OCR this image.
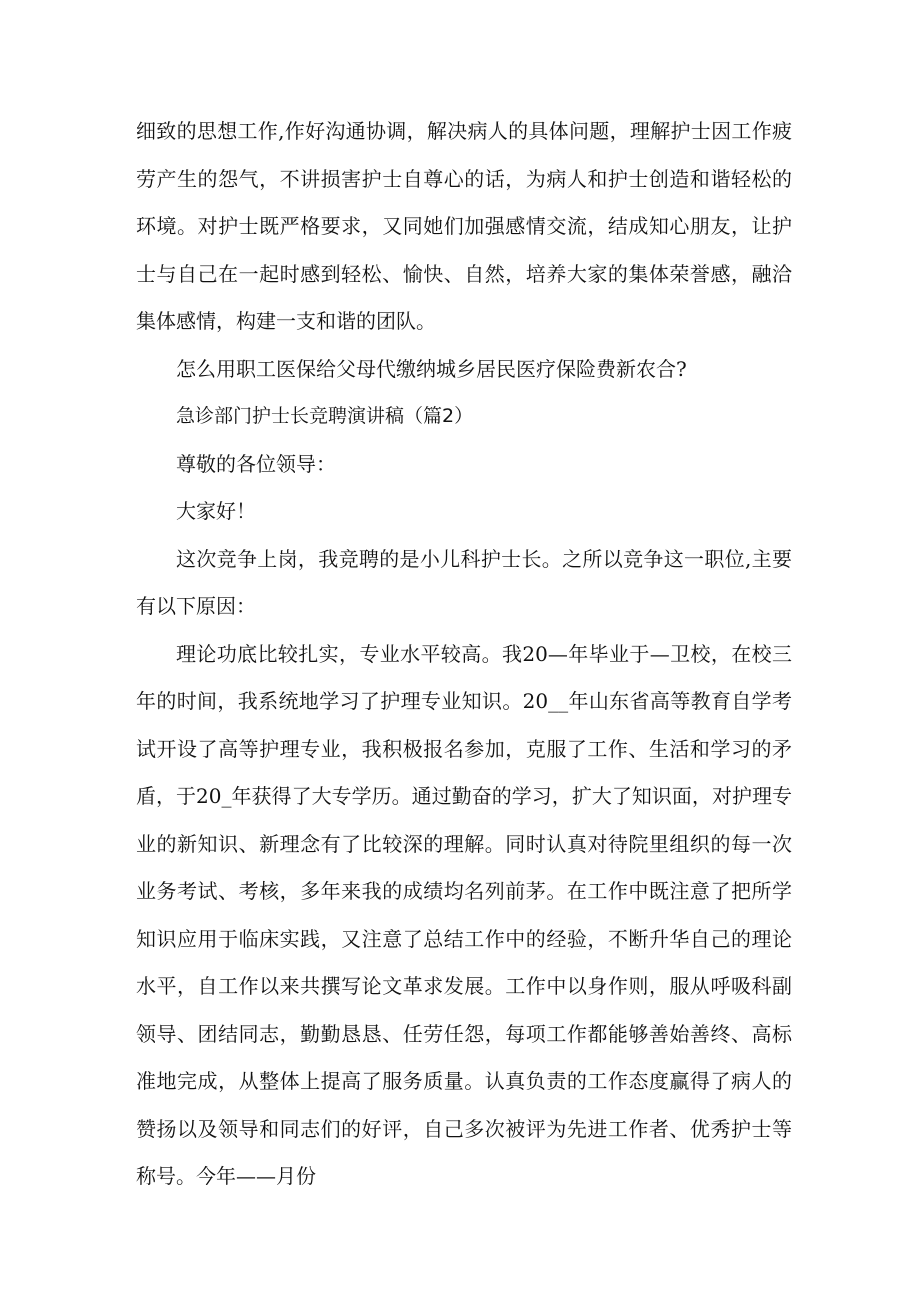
细致的思想工作,作好沟通协调，解决病人的具体问题，理解护士因工作疲劳产生的怨气，不讲损害护士自尊心的话，为病人和护士创造和谐轻松的环境。对护士既严格要求，又同她们加强感情交流，结成知心朋友，让护士与自己在一起时感到轻松、愉快、自然，培养大家的集体荣誉感，融洽集体感情，构建一支和谐的团队。

怎么用职工医保给父母代缴纳城乡居民医疗保险费新农合?

急诊部门护士长竞聘演讲稿（篇2）

尊敬的各位领导：

大家好！

这次竞争上岗，我竞聘的是小儿科护士长。之所以竞争这一职位,主要有以下原因：

理论功底比较扎实，专业水平较高。我20—年毕业于—卫校，在校三年的时间，我系统地学习了护理专业知识。20__年山东省高等教育自学考试开设了高等护理专业，我积极报名参加，克服了工作、生活和学习的矛盾，于20_年获得了大专学历。通过勤奋的学习，扩大了知识面，对护理专业的新知识、新理念有了比较深的理解。同时认真对待院里组织的每一次业务考试、考核，多年来我的成绩均名列前茅。在工作中既注意了把所学知识应用于临床实践，又注意了总结工作中的经验，不断升华自己的理论水平，自工作以来共撰写论文革求发展。工作中以身作则，服从呼吸科副领导、团结同志，勤勤恳恳、任劳任怨，每项工作都能够善始善终、高标准地完成，从整体上提高了服务质量。认真负责的工作态度赢得了病人的赞扬以及领导和同志们的好评，自己多次被评为先进工作者、优秀护士等称号。今年——月份
